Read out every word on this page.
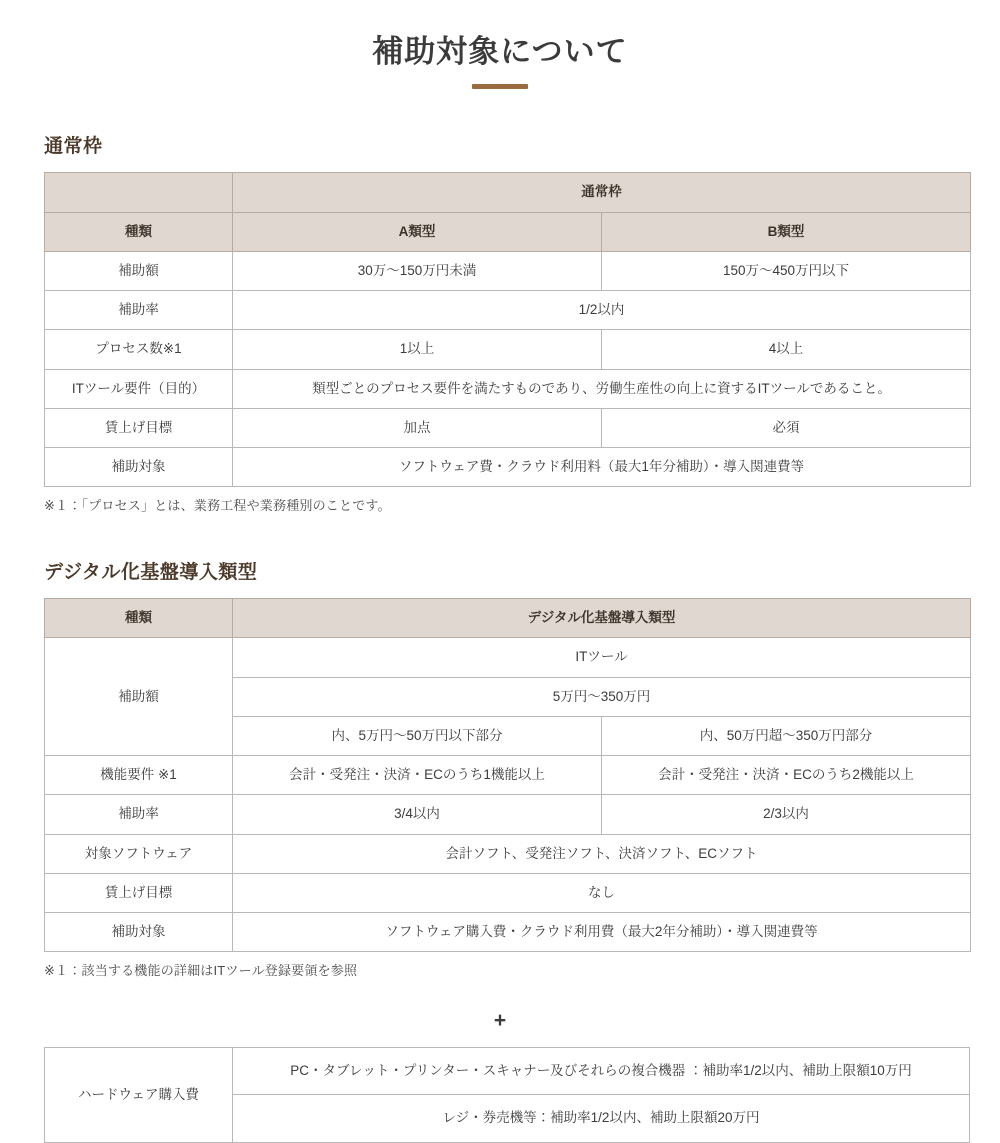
補助対象について
通常枠
	通常枠	
種類	A類型	B類型
補助額	30万～150万円未満	150万～450万円以下
補助率	1/2以内	
プロセス数※1	1以上	4以上
ITツール要件（目的）	類型ごとのプロセス要件を満たすものであり、労働生産性の向上に資するITツールであること。	
賃上げ目標	加点	必須
補助対象	ソフトウェア費・クラウド利用料（最大1年分補助）・導入関連費等	
※１：「プロセス」とは、業務工程や業務種別のことです。
デジタル化基盤導入類型
種類	デジタル化基盤導入類型	
補助額	ITツール	
	5万円～350万円	
	内、5万円～50万円以下部分	内、50万円超～350万円部分
機能要件 ※1	会計・受発注・決済・ECのうち1機能以上	会計・受発注・決済・ECのうち2機能以上
補助率	3/4以内	2/3以内
対象ソフトウェア	会計ソフト、受発注ソフト、決済ソフト、ECソフト	
賃上げ目標	なし	
補助対象	ソフトウェア購入費・クラウド利用費（最大2年分補助）・導入関連費等	
※１：該当する機能の詳細はITツール登録要領を参照
+
ハードウェア購入費	PC・タブレット・プリンター・スキャナー及びそれらの複合機器 ：補助率1/2以内、補助上限額10万円
レジ・券売機等：補助率1/2以内、補助上限額20万円
